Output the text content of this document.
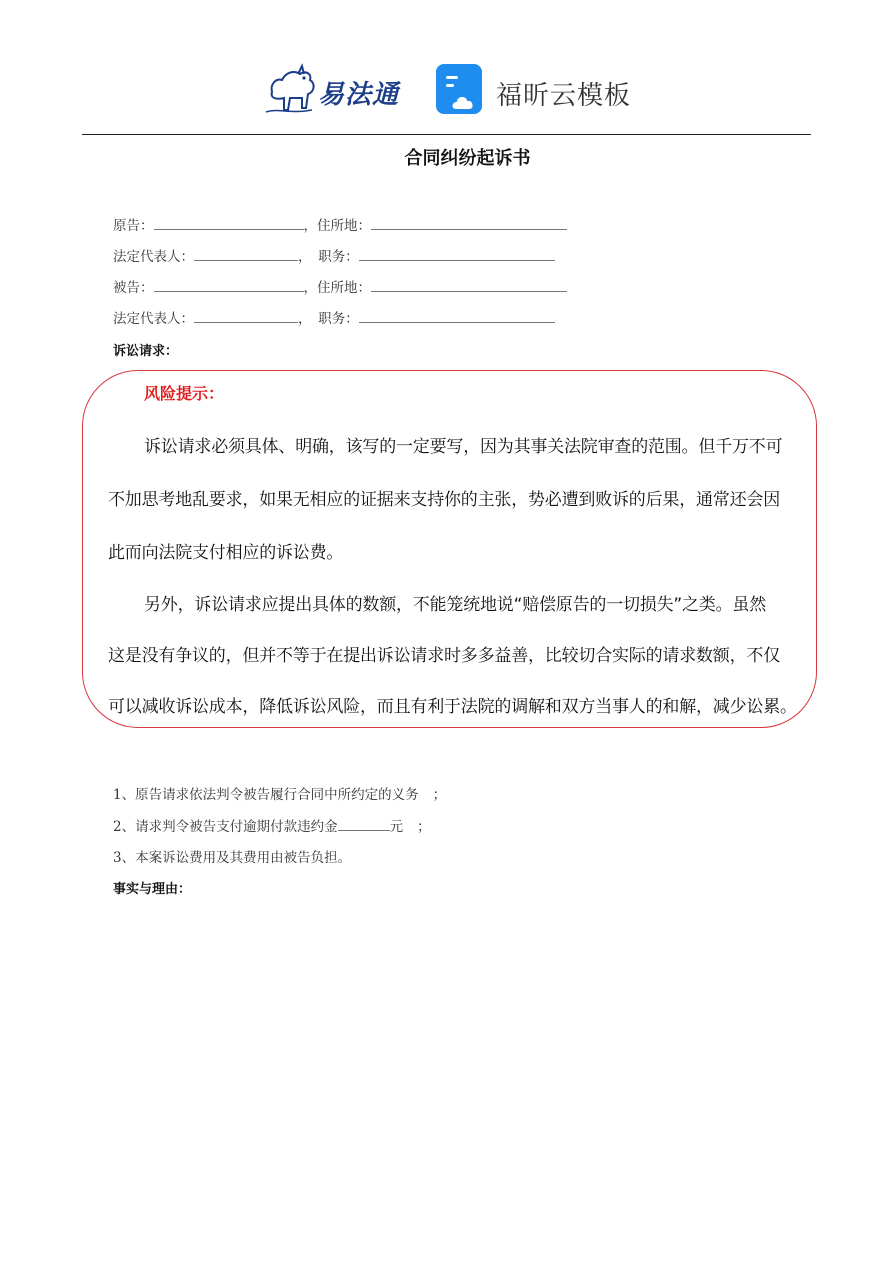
易法通	福昕云模板
合同纠纷起诉书
原告：	，住所地：
法定代表人：	，　职务：
被告：	，住所地：
法定代表人：	，　职务：
诉讼请求：
风险提示：
诉讼请求必须具体、明确，该写的一定要写，因为其事关法院审查的范围。但千万不可
不加思考地乱要求，如果无相应的证据来支持你的主张，势必遭到败诉的后果，通常还会因
此而向法院支付相应的诉讼费。
另外，诉讼请求应提出具体的数额，不能笼统地说“赔偿原告的一切损失”之类。虽然
这是没有争议的，但并不等于在提出诉讼请求时多多益善，比较切合实际的请求数额，不仅
可以减收诉讼成本，降低诉讼风险，而且有利于法院的调解和双方当事人的和解，减少讼累。
1、原告请求依法判令被告履行合同中所约定的义务 ；
2、请求判令被告支付逾期付款违约金	元 ；
3、本案诉讼费用及其费用由被告负担。
事实与理由：
